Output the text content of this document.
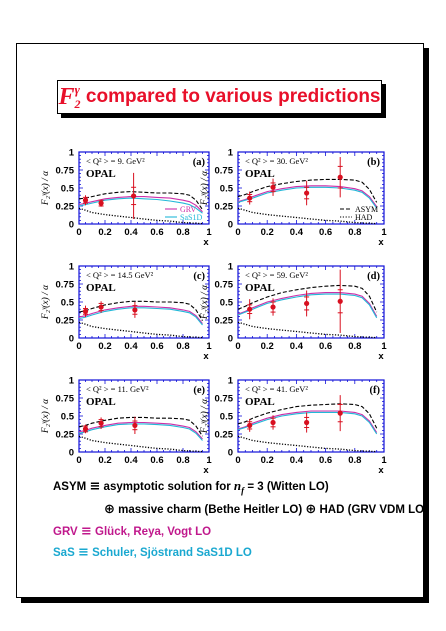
$F_2^\gamma$ compared to various predictions
0 0.2 0.4 0.6 0.8 1
0
0.25
0.5
0.75
1
x
F₂ᵞ(x) / α
< Q² > = 9. GeV²
OPAL
(a)
GRV
SaS1D
0 0.2 0.4 0.6 0.8 1
0
0.25
0.5
0.75
1
x
F₂ᵞ(x) / α
< Q² > = 30. GeV²
OPAL
(b)
ASYM
HAD
0 0.2 0.4 0.6 0.8 1
0
0.25
0.5
0.75
1
x
F₂ᵞ(x) / α
< Q² > = 14.5 GeV²
OPAL
(c)
0 0.2 0.4 0.6 0.8 1
0
0.25
0.5
0.75
1
x
F₂ᵞ(x) / α
< Q² > = 59. GeV²
OPAL
(d)
0 0.2 0.4 0.6 0.8 1
0
0.25
0.5
0.75
1
x
F₂ᵞ(x) / α
< Q² > = 11. GeV²
OPAL
(e)
0 0.2 0.4 0.6 0.8 1
0
0.25
0.5
0.75
1
x
F₂ᵞ(x) / α
< Q² > = 41. GeV²
OPAL
(f)
ASYM ≡ asymptotic solution for $n_f = 3$ (Witten LO)
⊕ massive charm (Bethe Heitler LO) ⊕ HAD (GRV VDM LO)
GRV ≡ Glück, Reya, Vogt LO
SaS ≡ Schuler, Sjöstrand SaS1D LO
